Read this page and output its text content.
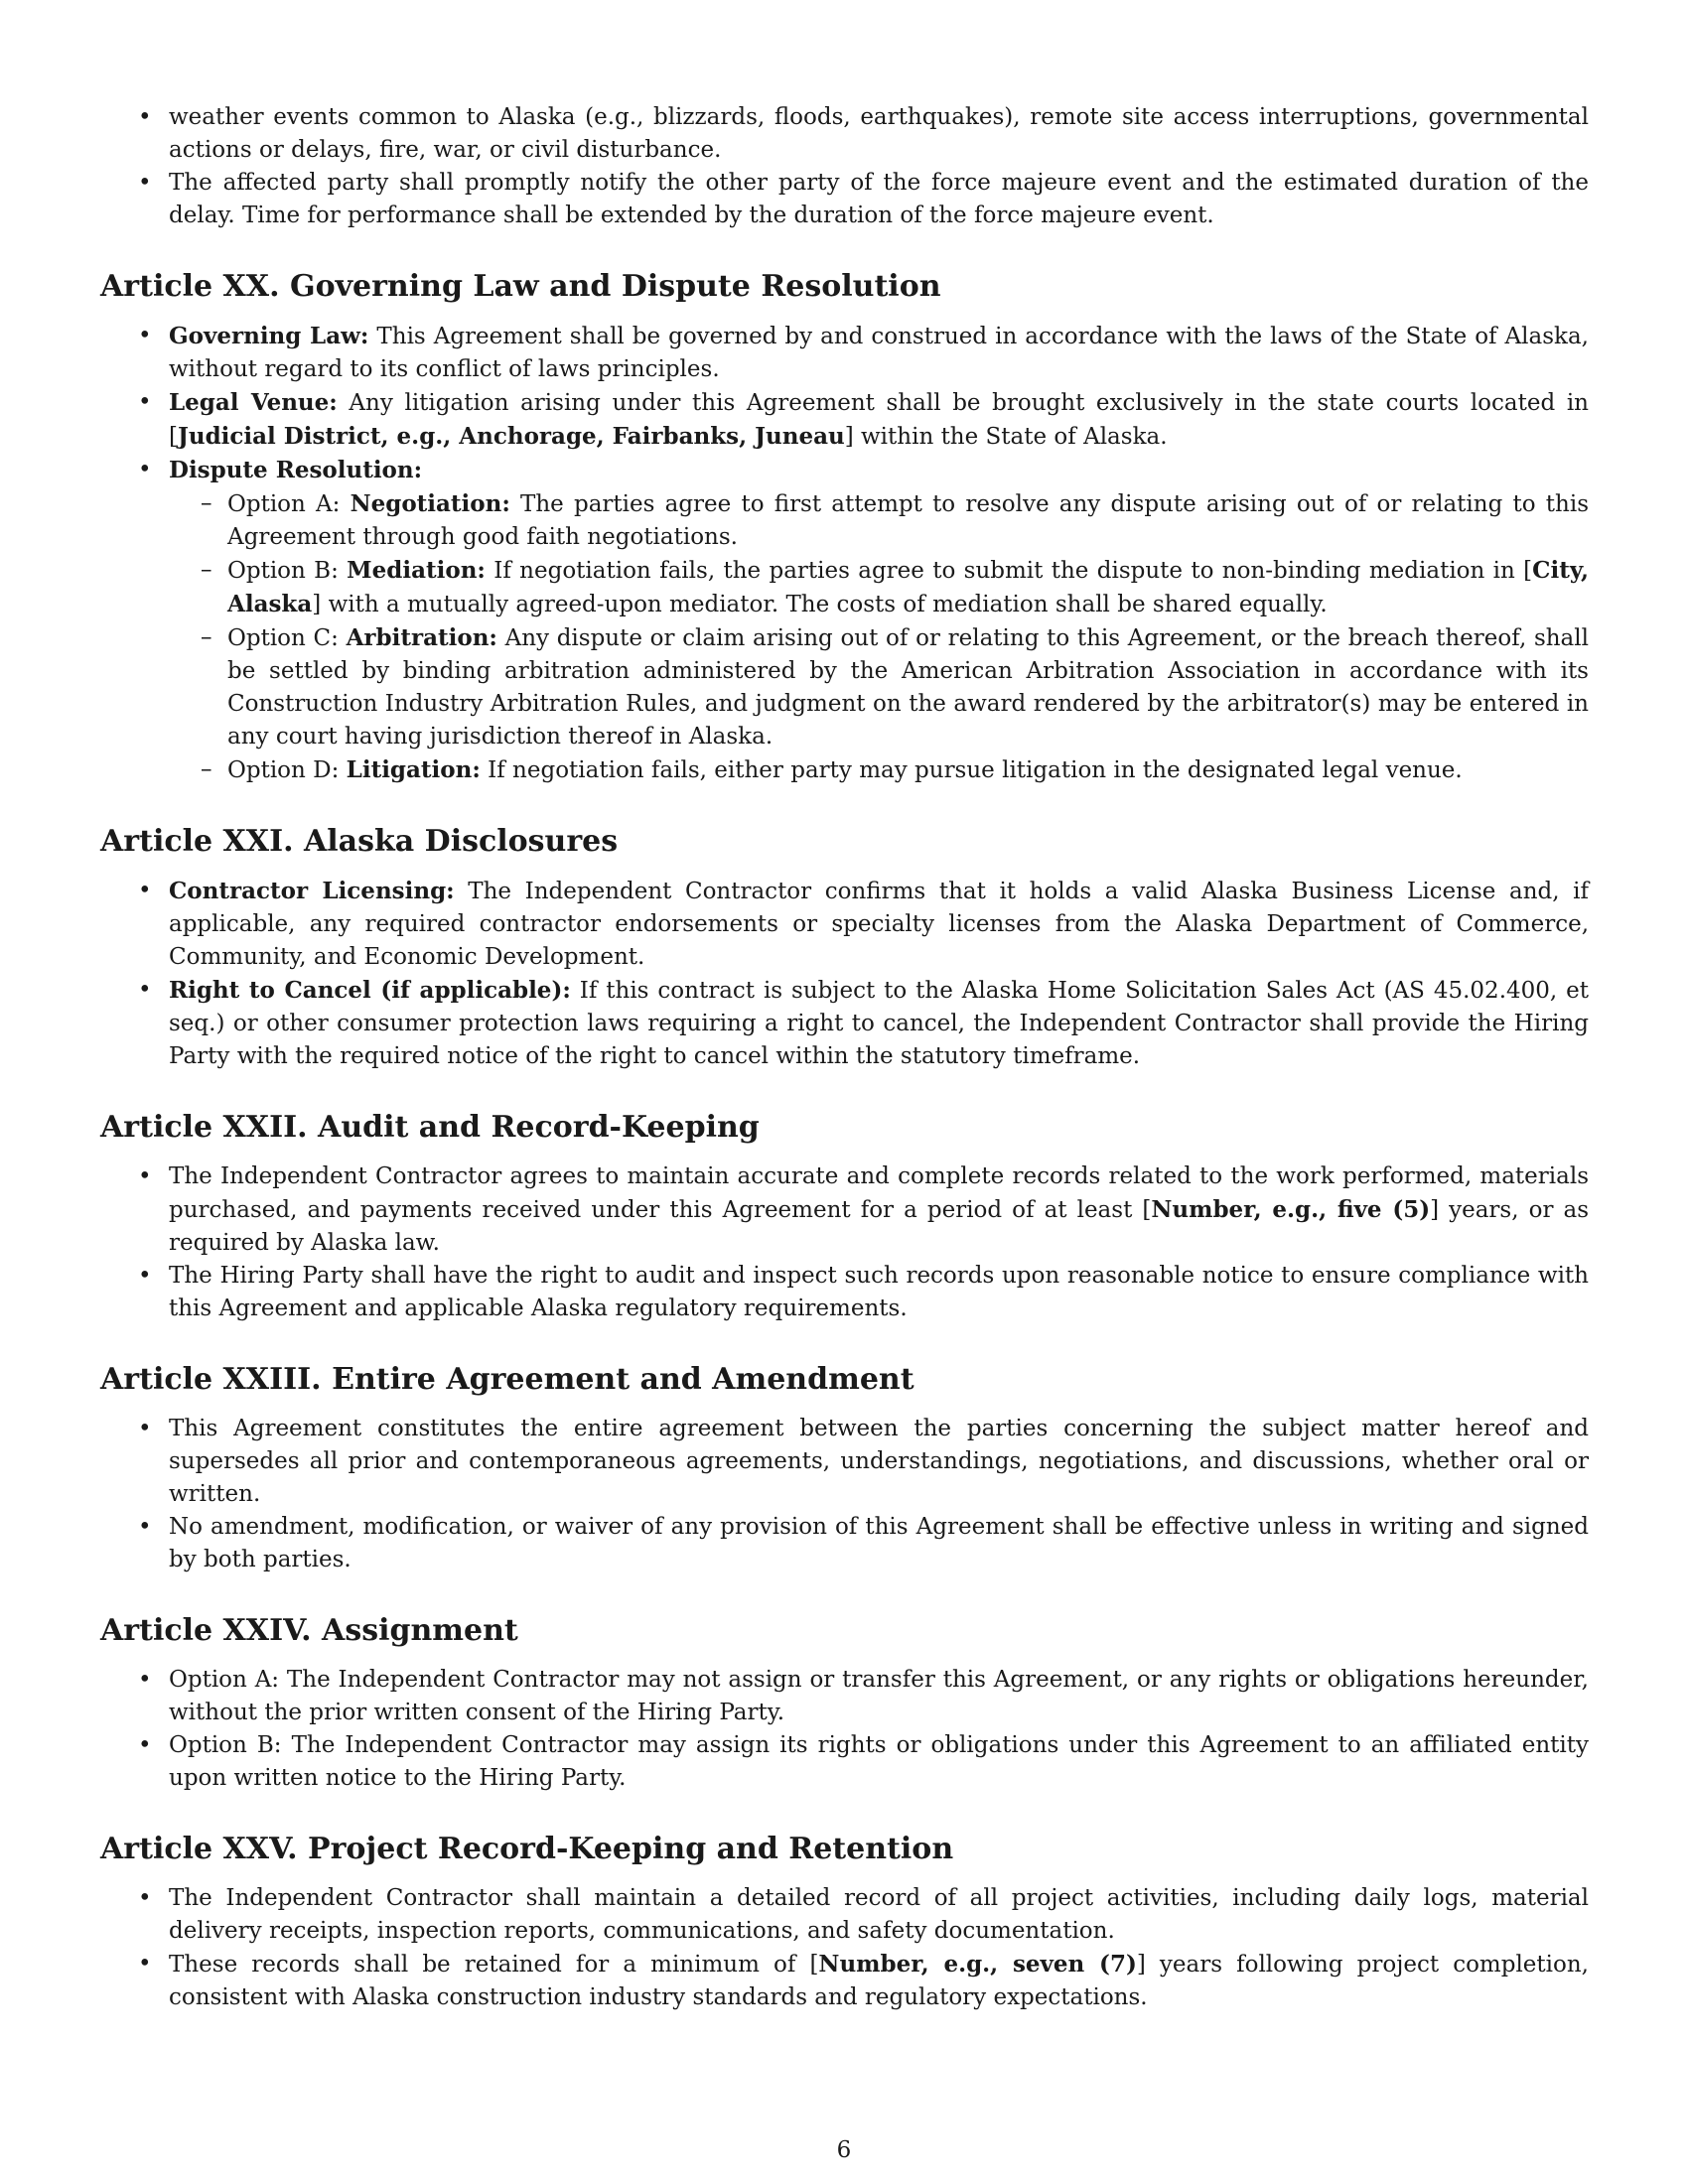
• weather events common to Alaska (e.g., blizzards, floods, earthquakes), remote site access interruptions, governmental actions or delays, fire, war, or civil disturbance.
• The affected party shall promptly notify the other party of the force majeure event and the estimated duration of the delay. Time for performance shall be extended by the duration of the force majeure event.
Article XX. Governing Law and Dispute Resolution
• Governing Law: This Agreement shall be governed by and construed in accordance with the laws of the State of Alaska, without regard to its conflict of laws principles.
• Legal Venue: Any litigation arising under this Agreement shall be brought exclusively in the state courts located in [Judicial District, e.g., Anchorage, Fairbanks, Juneau] within the State of Alaska.
• Dispute Resolution:
– Option A: Negotiation: The parties agree to first attempt to resolve any dispute arising out of or relating to this Agreement through good faith negotiations.
– Option B: Mediation: If negotiation fails, the parties agree to submit the dispute to non-binding mediation in [City, Alaska] with a mutually agreed-upon mediator. The costs of mediation shall be shared equally.
– Option C: Arbitration: Any dispute or claim arising out of or relating to this Agreement, or the breach thereof, shall be settled by binding arbitration administered by the American Arbitration Association in accordance with its Construction Industry Arbitration Rules, and judgment on the award rendered by the arbitrator(s) may be entered in any court having jurisdiction thereof in Alaska.
– Option D: Litigation: If negotiation fails, either party may pursue litigation in the designated legal venue.
Article XXI. Alaska Disclosures
• Contractor Licensing: The Independent Contractor confirms that it holds a valid Alaska Business License and, if applicable, any required contractor endorsements or specialty licenses from the Alaska Department of Commerce, Community, and Economic Development.
• Right to Cancel (if applicable): If this contract is subject to the Alaska Home Solicitation Sales Act (AS 45.02.400, et seq.) or other consumer protection laws requiring a right to cancel, the Independent Contractor shall provide the Hiring Party with the required notice of the right to cancel within the statutory timeframe.
Article XXII. Audit and Record-Keeping
• The Independent Contractor agrees to maintain accurate and complete records related to the work performed, materials purchased, and payments received under this Agreement for a period of at least [Number, e.g., five (5)] years, or as required by Alaska law.
• The Hiring Party shall have the right to audit and inspect such records upon reasonable notice to ensure compliance with this Agreement and applicable Alaska regulatory requirements.
Article XXIII. Entire Agreement and Amendment
• This Agreement constitutes the entire agreement between the parties concerning the subject matter hereof and supersedes all prior and contemporaneous agreements, understandings, negotiations, and discussions, whether oral or written.
• No amendment, modification, or waiver of any provision of this Agreement shall be effective unless in writing and signed by both parties.
Article XXIV. Assignment
• Option A: The Independent Contractor may not assign or transfer this Agreement, or any rights or obligations hereunder, without the prior written consent of the Hiring Party.
• Option B: The Independent Contractor may assign its rights or obligations under this Agreement to an affiliated entity upon written notice to the Hiring Party.
Article XXV. Project Record-Keeping and Retention
• The Independent Contractor shall maintain a detailed record of all project activities, including daily logs, material delivery receipts, inspection reports, communications, and safety documentation.
• These records shall be retained for a minimum of [Number, e.g., seven (7)] years following project completion, consistent with Alaska construction industry standards and regulatory expectations.
6
